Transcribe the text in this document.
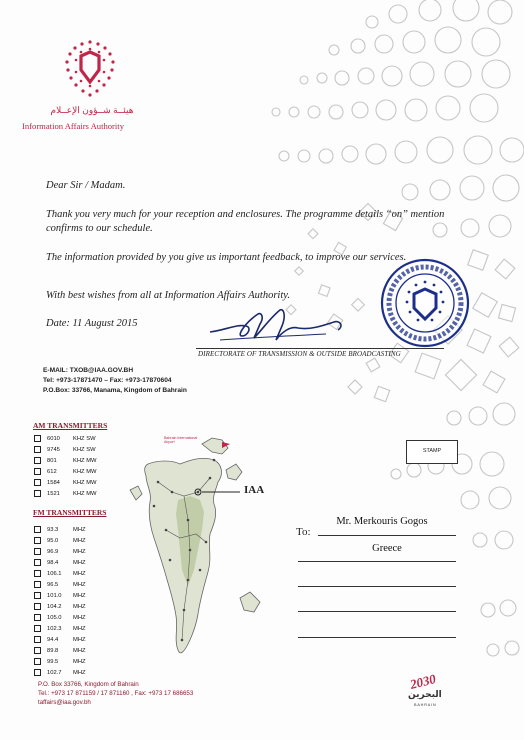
هيئــة شــؤون الإعــلام
Information Affairs Authority
Dear Sir / Madam.
Thank you very much for your reception and enclosures. The programme details “on” mention confirms to our schedule.
The information provided by you give us important feedback, to improve our services.
With best wishes from all at Information Affairs Authority.
Date: 11 August 2015
DIRECTORATE OF TRANSMISSION & OUTSIDE BROADCASTING
E-MAIL: TXOB@IAA.GOV.BH
Tel: +973-17871470 – Fax: +973-17870604
P.O.Box: 33766, Manama, Kingdom of Bahrain
AM TRANSMITTERS
6010 KHZ SW
9745 KHZ SW
801	KHZ MW
612	KHZ MW
1584 KHZ MW
1521 KHZ MW
FM TRANSMITTERS
93.3	MHZ
95.0	MHZ
96.9	MHZ
98.4	MHZ
106.1 MHZ
96.5	MHZ
101.0 MHZ
104.2 MHZ
105.0 MHZ
102.3 MHZ
94.4	MHZ
89.8	MHZ
99.5	MHZ
102.7 MHZ
Bahrain International Airport
IAA
STAMP
To:
Mr. Merkouris Gogos
Greece
P.O. Box 33766, Kingdom of Bahrain
Tel.: +973 17 871159 / 17 871160 , Fax: +973 17 686653
taffairs@iaa.gov.bh
2030
البحرين
BAHRAIN
